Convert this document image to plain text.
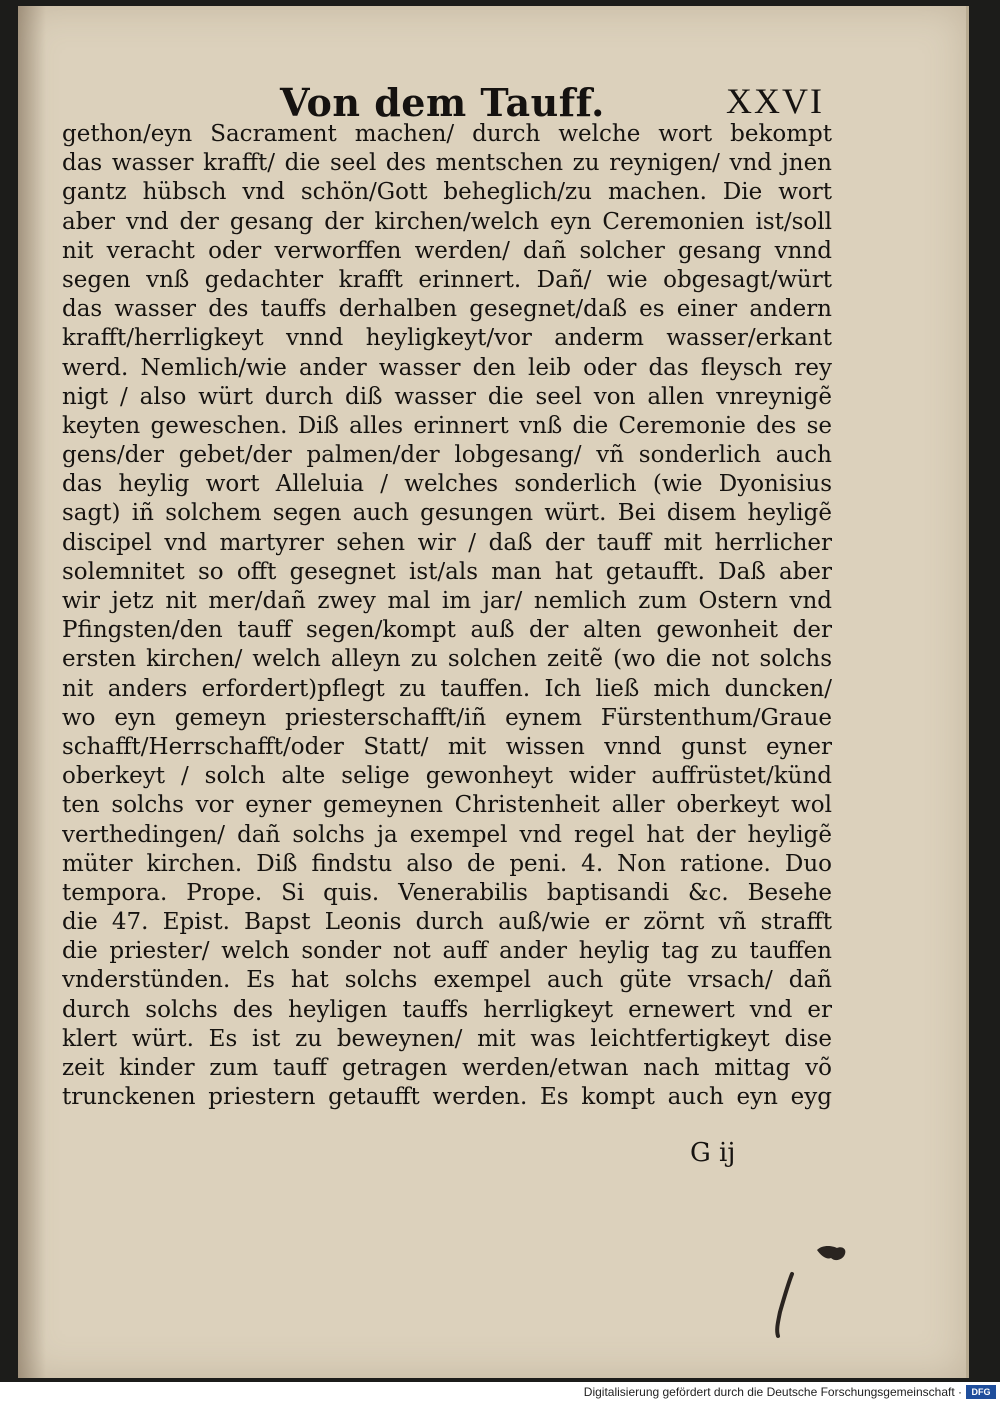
Von dem Tauff.	XXVI
gethon/eyn Sacrament machen/ durch welche wort bekompt
das wasser krafft/ die seel des mentschen zu reynigen/ vnd jnen
gantz hübsch vnd schön/Gott beheglich/zu machen. Die wort
aber vnd der gesang der kirchen/welch eyn Ceremonien ist/soll
nit veracht oder verworffen werden/ dañ solcher gesang vnnd
segen vnß gedachter krafft erinnert. Dañ/ wie obgesagt/würt
das wasser des tauffs derhalben gesegnet/daß es einer andern
krafft/herrligkeyt vnnd heyligkeyt/vor anderm wasser/erkant
werd. Nemlich/wie ander wasser den leib oder das fleysch rey
nigt / also würt durch diß wasser die seel von allen vnreynigẽ
keyten geweschen. Diß alles erinnert vnß die Ceremonie des se
gens/der gebet/der palmen/der lobgesang/ vñ sonderlich auch
das heylig wort Alleluia / welches sonderlich (wie Dyonisius
sagt) iñ solchem segen auch gesungen würt. Bei disem heyligẽ
discipel vnd martyrer sehen wir / daß der tauff mit herrlicher
solemnitet so offt gesegnet ist/als man hat getaufft. Daß aber
wir jetz nit mer/dañ zwey mal im jar/ nemlich zum Ostern vnd
Pfingsten/den tauff segen/kompt auß der alten gewonheit der
ersten kirchen/ welch alleyn zu solchen zeitẽ (wo die not solchs
nit anders erfordert)pflegt zu tauffen. Ich ließ mich duncken/
wo eyn gemeyn priesterschafft/iñ eynem Fürstenthum/Graue
schafft/Herrschafft/oder Statt/ mit wissen vnnd gunst eyner
oberkeyt / solch alte selige gewonheyt wider auffrüstet/künd
ten solchs vor eyner gemeynen Christenheit aller oberkeyt wol
verthedingen/ dañ solchs ja exempel vnd regel hat der heyligẽ
müter kirchen. Diß findstu also de peni. 4. Non ratione. Duo
tempora. Prope. Si quis. Venerabilis baptisandi &c. Besehe
die 47. Epist. Bapst Leonis durch auß/wie er zörnt vñ strafft
die priester/ welch sonder not auff ander heylig tag zu tauffen
vnderstünden. Es hat solchs exempel auch güte vrsach/ dañ
durch solchs des heyligen tauffs herrligkeyt ernewert vnd er
klert würt. Es ist zu beweynen/ mit was leichtfertigkeyt dise
zeit kinder zum tauff getragen werden/etwan nach mittag võ
trunckenen priestern getaufft werden. Es kompt auch eyn eyg
G ij
Digitalisierung gefördert durch die Deutsche Forschungsgemeinschaft ·	DFG
